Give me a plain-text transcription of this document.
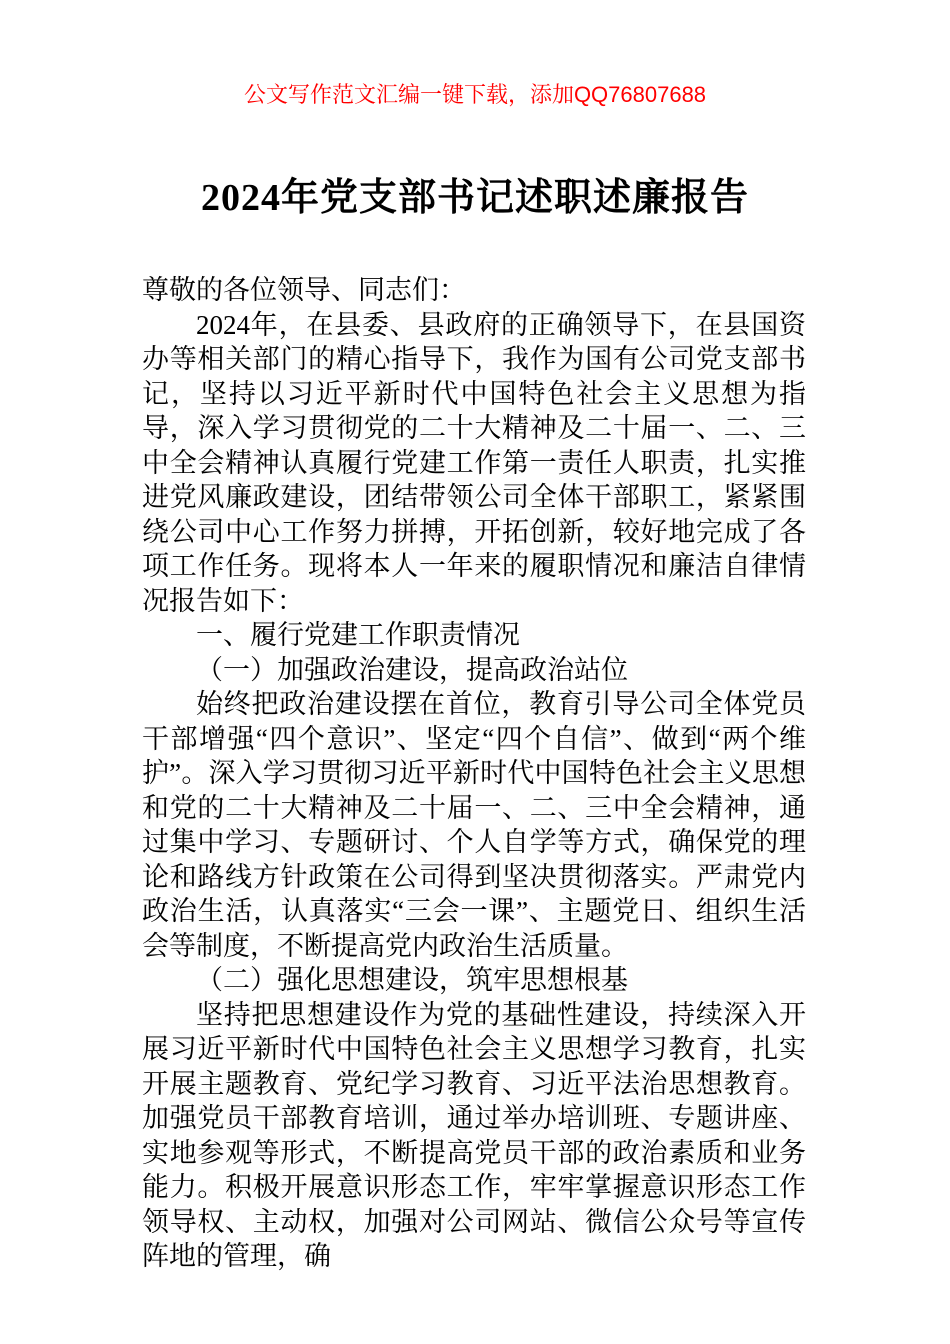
公文写作范文汇编一键下载，添加QQ76807688
2024年党支部书记述职述廉报告

尊敬的各位领导、同志们：

2024年，在县委、县政府的正确领导下，在县国资办等相关部门的精心指导下，我作为国有公司党支部书记，坚持以习近平新时代中国特色社会主义思想为指导，深入学习贯彻党的二十大精神及二十届一、二、三中全会精神认真履行党建工作第一责任人职责，扎实推进党风廉政建设，团结带领公司全体干部职工，紧紧围绕公司中心工作努力拼搏，开拓创新，较好地完成了各项工作任务。现将本人一年来的履职情况和廉洁自律情况报告如下：

一、履行党建工作职责情况

（一）加强政治建设，提高政治站位

始终把政治建设摆在首位，教育引导公司全体党员干部增强“四个意识”、坚定“四个自信”、做到“两个维护”。深入学习贯彻习近平新时代中国特色社会主义思想和党的二十大精神及二十届一、二、三中全会精神，通过集中学习、专题研讨、个人自学等方式，确保党的理论和路线方针政策在公司得到坚决贯彻落实。严肃党内政治生活，认真落实“三会一课”、主题党日、组织生活会等制度，不断提高党内政治生活质量。

（二）强化思想建设，筑牢思想根基

坚持把思想建设作为党的基础性建设，持续深入开展习近平新时代中国特色社会主义思想学习教育，扎实开展主题教育、党纪学习教育、习近平法治思想教育。加强党员干部教育培训，通过举办培训班、专题讲座、实地参观等形式，不断提高党员干部的政治素质和业务能力。积极开展意识形态工作，牢牢掌握意识形态工作领导权、主动权，加强对公司网站、微信公众号等宣传阵地的管理，确
